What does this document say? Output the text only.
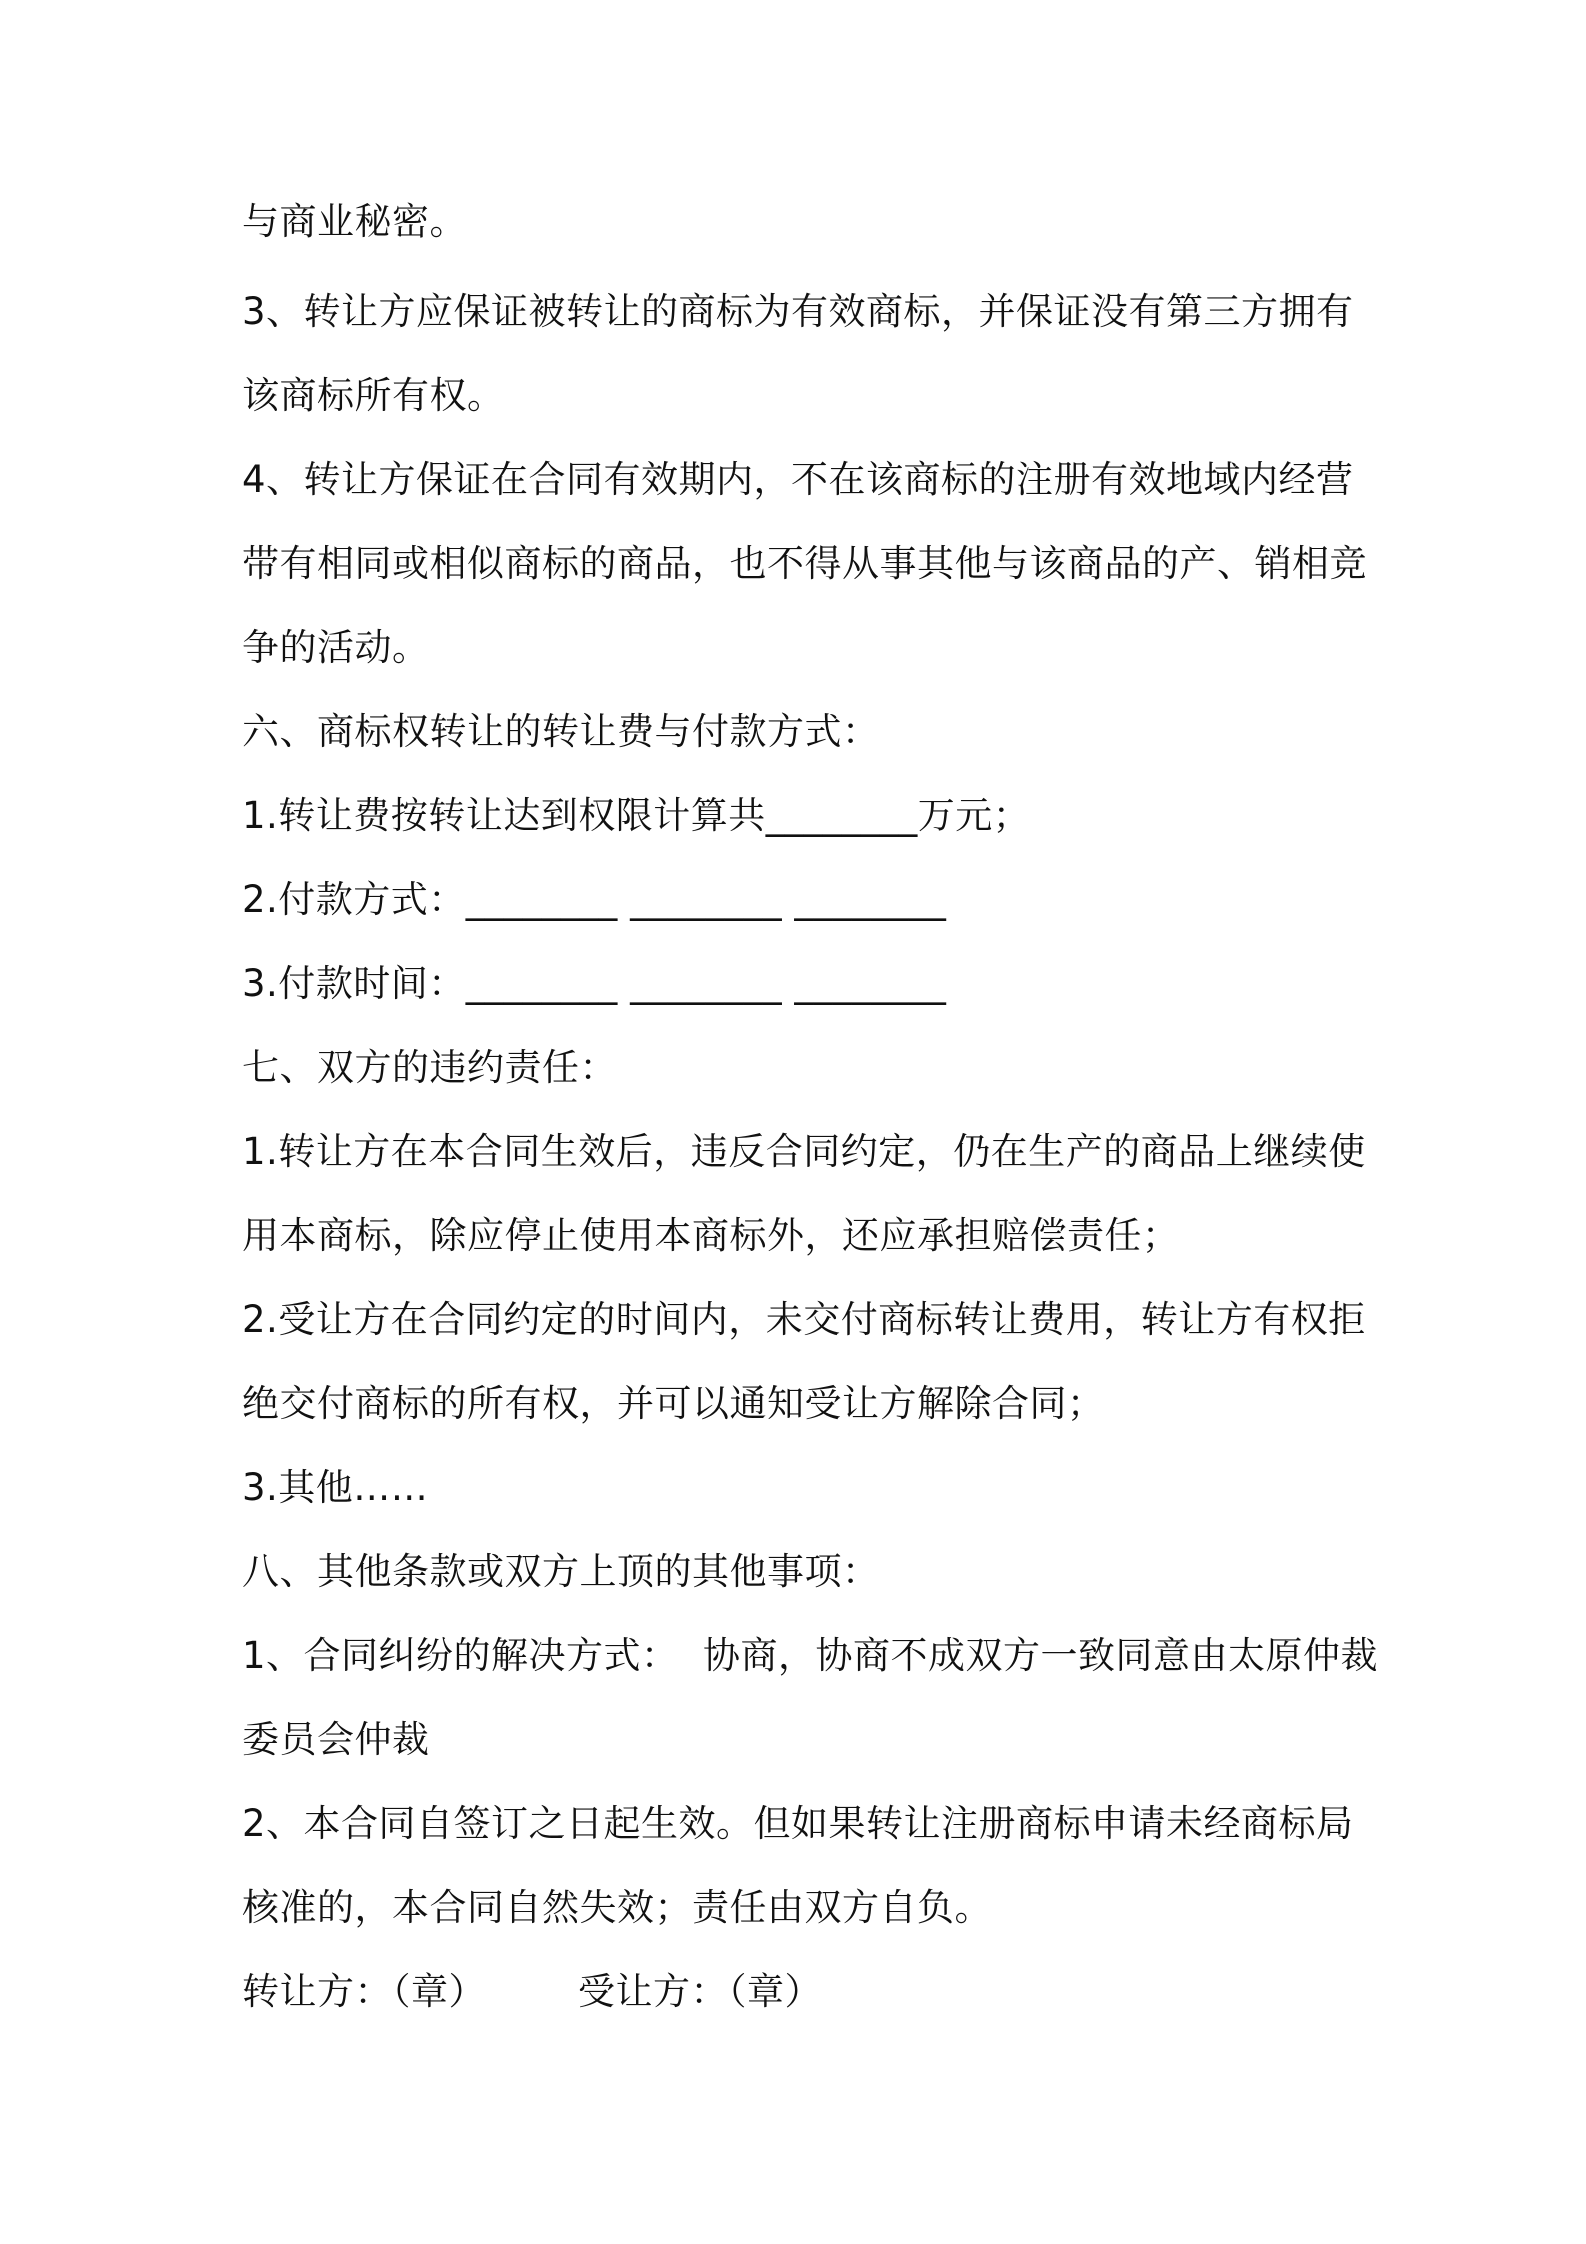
与商业秘密。
3、转让方应保证被转让的商标为有效商标，并保证没有第三方拥有
该商标所有权。
4、转让方保证在合同有效期内，不在该商标的注册有效地域内经营
带有相同或相似商标的商品，也不得从事其他与该商品的产、销相竞
争的活动。
六、商标权转让的转让费与付款方式：
1.转让费按转让达到权限计算共________万元；
2.付款方式：________ ________ ________
3.付款时间：________ ________ ________
七、双方的违约责任：
1.转让方在本合同生效后，违反合同约定，仍在生产的商品上继续使
用本商标，除应停止使用本商标外，还应承担赔偿责任；
2.受让方在合同约定的时间内，未交付商标转让费用，转让方有权拒
绝交付商标的所有权，并可以通知受让方解除合同；
3.其他……
八、其他条款或双方上顶的其他事项：
1、合同纠纷的解决方式：  协商，协商不成双方一致同意由太原仲裁
委员会仲裁
2、本合同自签订之日起生效。但如果转让注册商标申请未经商标局
核准的，本合同自然失效；责任由双方自负。
转让方：（章） 受让方：（章）
